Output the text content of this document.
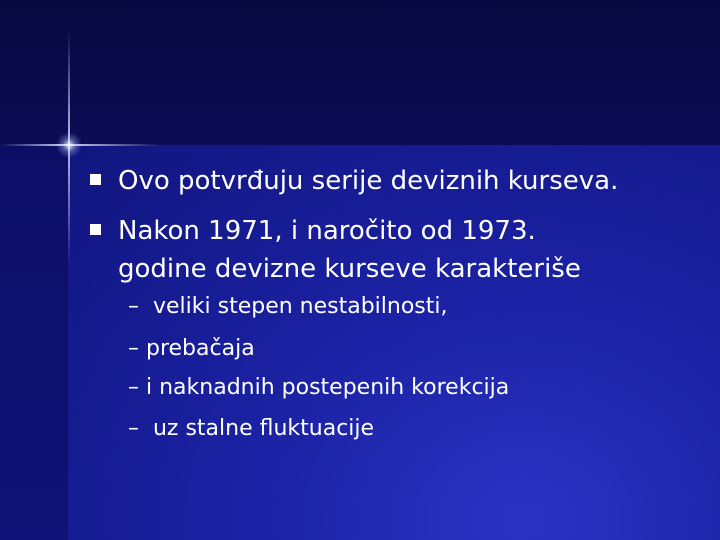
Ovo potvrđuju serije deviznih kurseva.
Nakon 1971, i naročito od 1973.
godine devizne kurseve karakteriše
–  veliki stepen nestabilnosti,
– prebačaja
– i naknadnih postepenih korekcija
–  uz stalne fluktuacije
